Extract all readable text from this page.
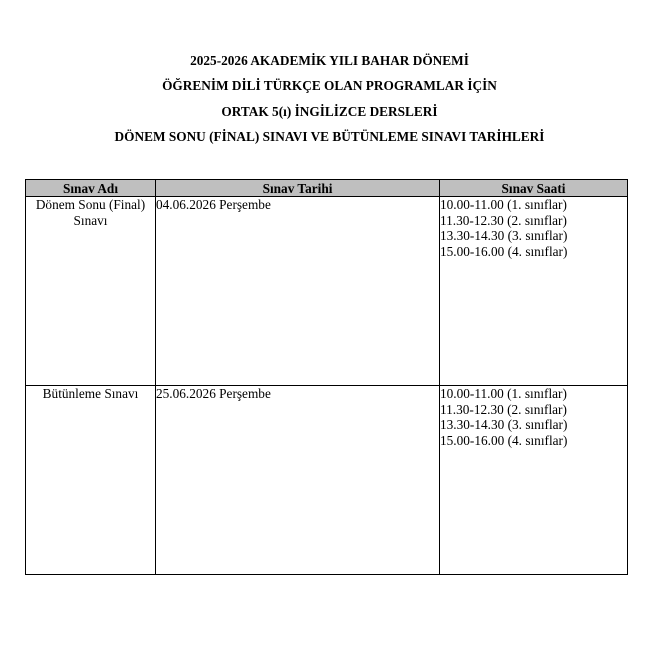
2025-2026 AKADEMİK YILI BAHAR DÖNEMİ
ÖĞRENİM DİLİ TÜRKÇE OLAN PROGRAMLAR İÇİN
ORTAK 5(ı) İNGİLİZCE DERSLERİ
DÖNEM SONU (FİNAL) SINAVI VE BÜTÜNLEME SINAVI TARİHLERİ
Sınav Adı	Sınav Tarihi	Sınav Saati
Dönem Sonu (Final) Sınavı	04.06.2026 Perşembe	10.00-11.00 (1. sınıflar)
11.30-12.30 (2. sınıflar)
13.30-14.30 (3. sınıflar)
15.00-16.00 (4. sınıflar)

Bütünleme Sınavı	25.06.2026 Perşembe	10.00-11.00 (1. sınıflar)
11.30-12.30 (2. sınıflar)
13.30-14.30 (3. sınıflar)
15.00-16.00 (4. sınıflar)
